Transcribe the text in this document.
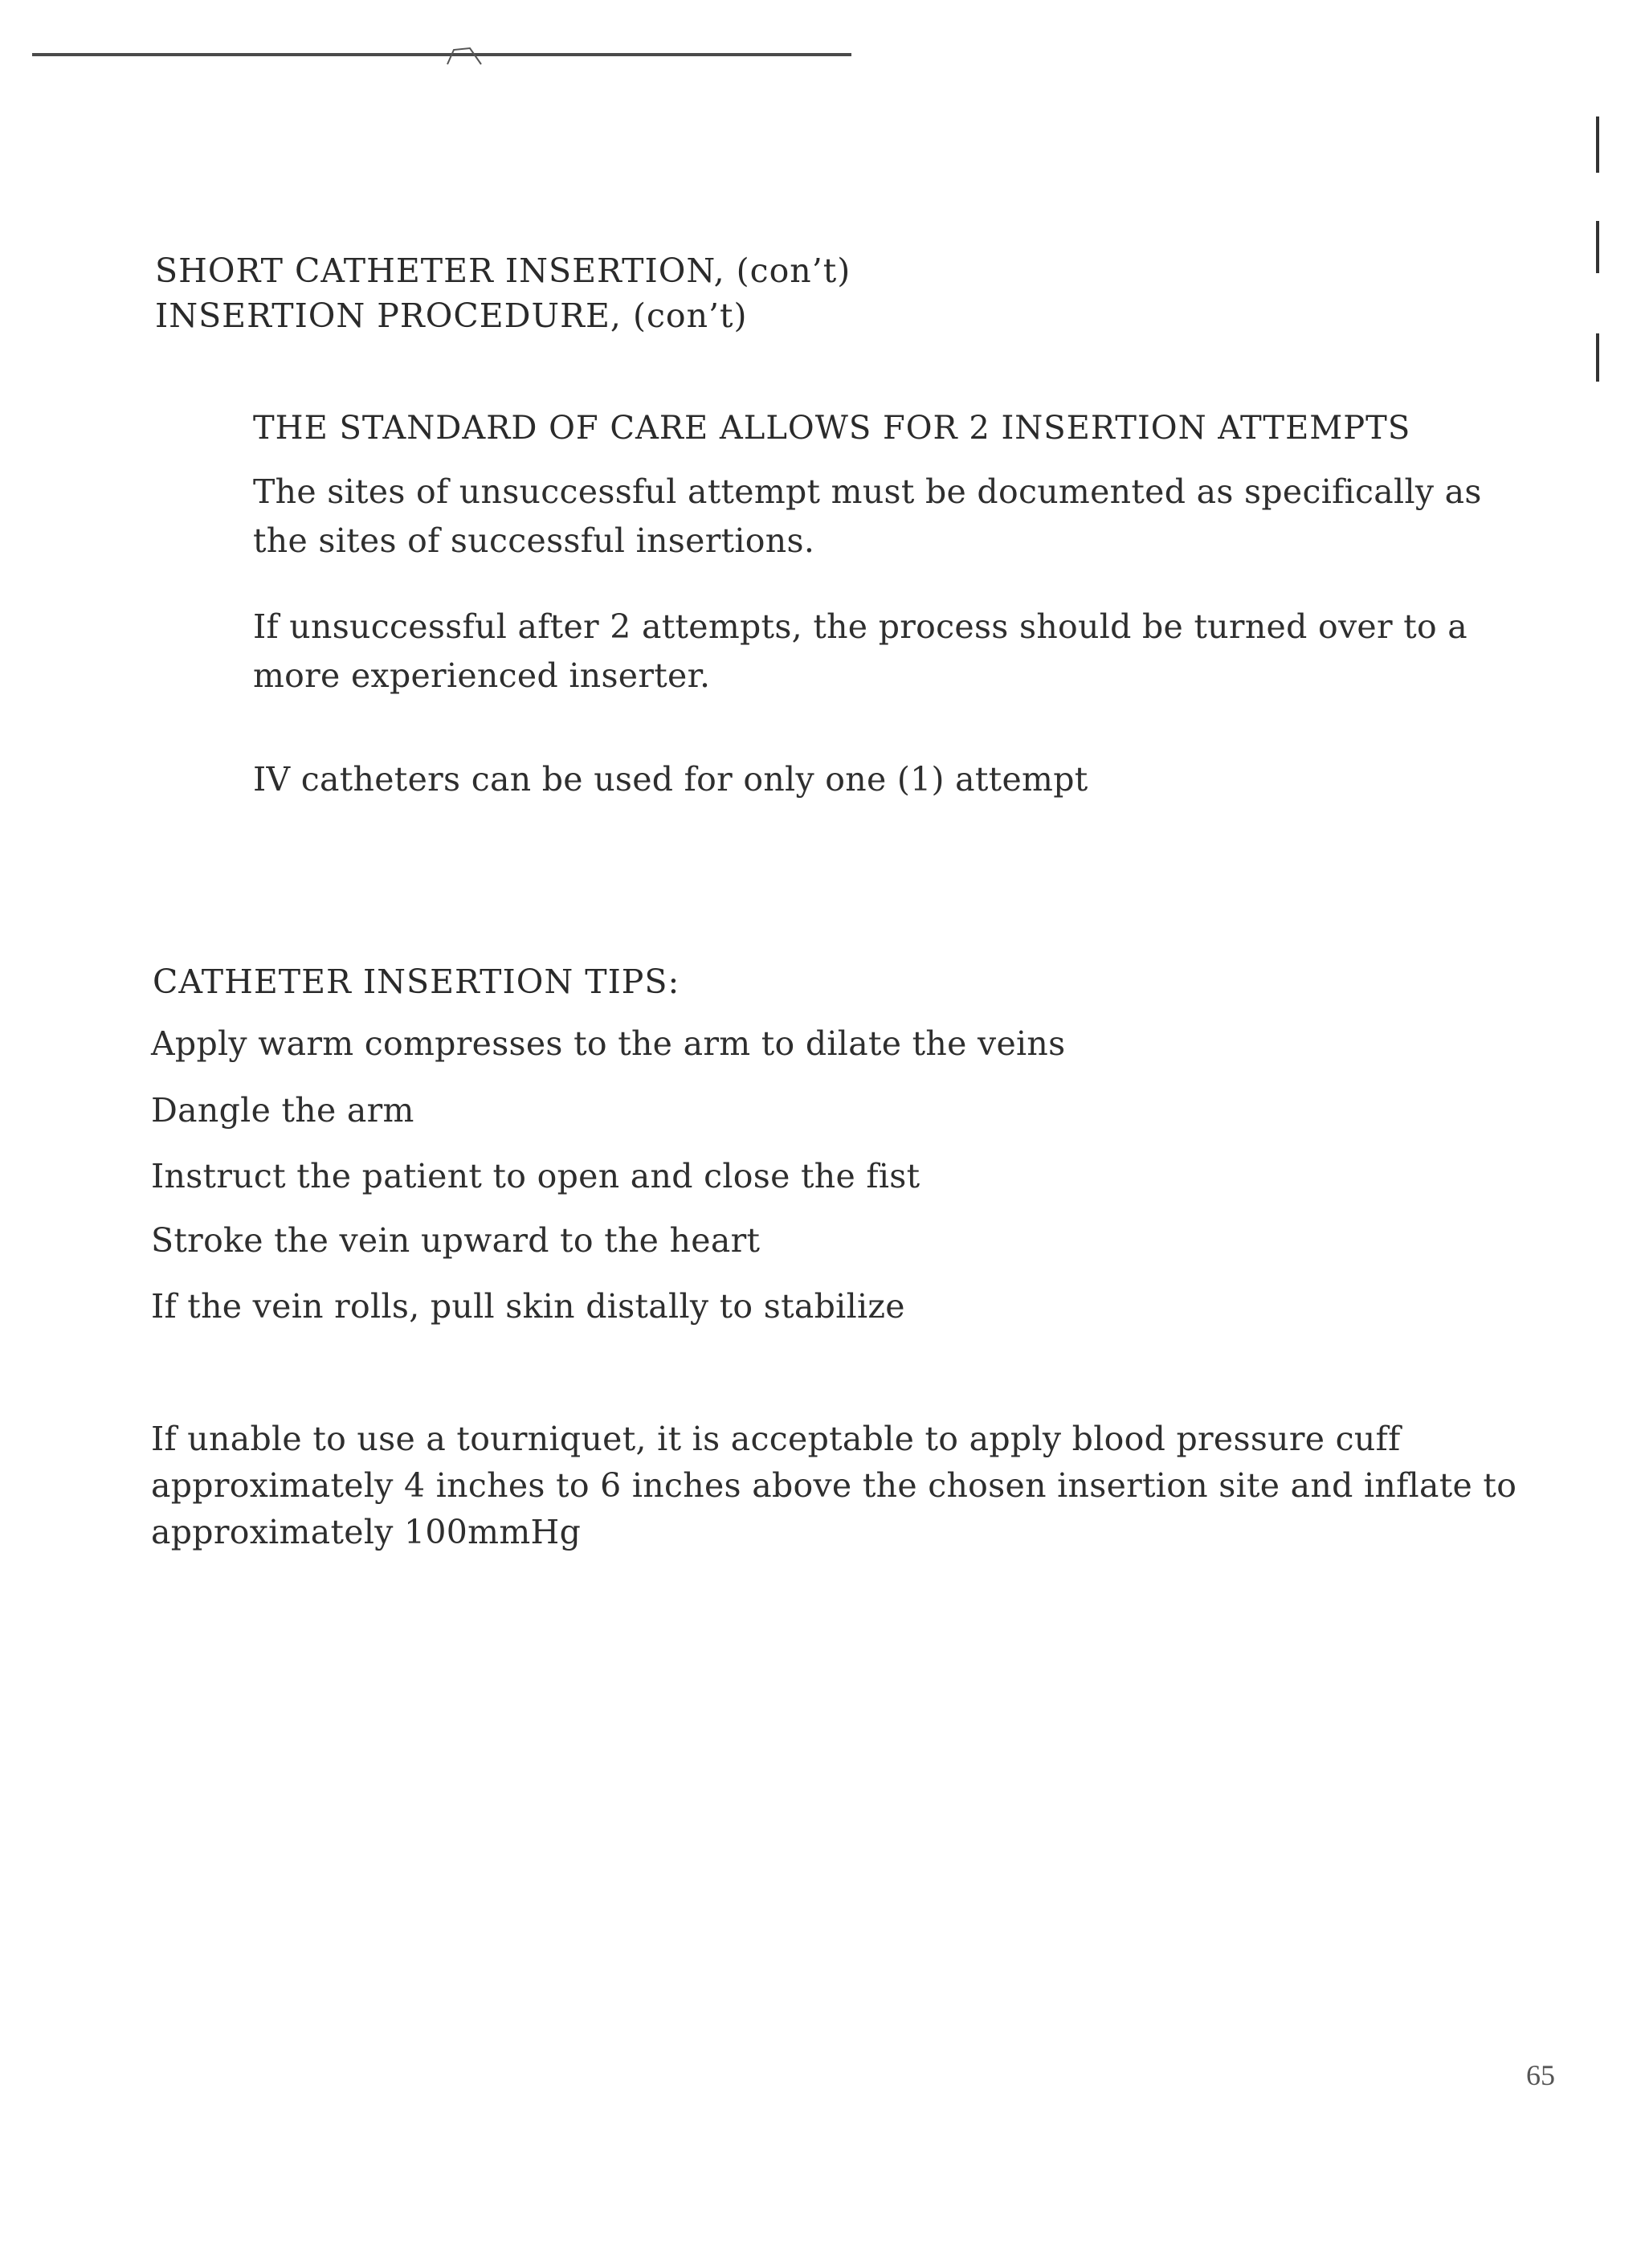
SHORT CATHETER INSERTION, (con’t)
INSERTION PROCEDURE, (con’t)
THE STANDARD OF CARE ALLOWS FOR 2 INSERTION ATTEMPTS
The sites of unsuccessful attempt must be documented as specifically as the sites of successful insertions.
If unsuccessful after 2 attempts, the process should be turned over to a more experienced inserter.
IV catheters can be used for only one (1) attempt
CATHETER INSERTION TIPS:
Apply warm compresses to the arm to dilate the veins
Dangle the arm
Instruct the patient to open and close the fist
Stroke the vein upward to the heart
If the vein rolls, pull skin distally to stabilize
If unable to use a tourniquet, it is acceptable to apply blood pressure cuff approximately 4 inches to 6 inches above the chosen insertion site and inflate to approximately 100mmHg
65
